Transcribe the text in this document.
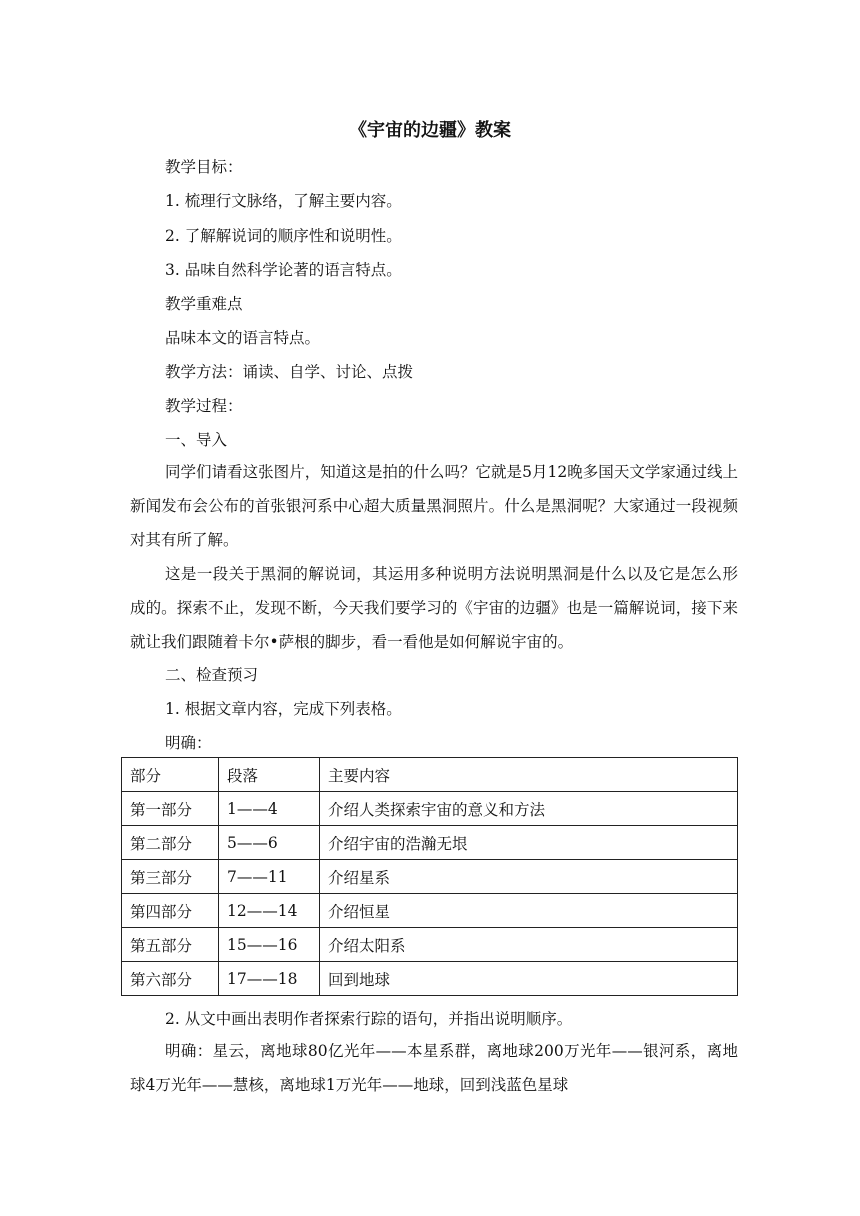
《宇宙的边疆》教案
教学目标：
1. 梳理行文脉络，了解主要内容。
2. 了解解说词的顺序性和说明性。
3. 品味自然科学论著的语言特点。
教学重难点
品味本文的语言特点。
教学方法：诵读、自学、讨论、点拨
教学过程：
一、导入
同学们请看这张图片，知道这是拍的什么吗？它就是5月12晚多国天文学家通过线上新闻发布会公布的首张银河系中心超大质量黑洞照片。什么是黑洞呢？大家通过一段视频对其有所了解。
这是一段关于黑洞的解说词，其运用多种说明方法说明黑洞是什么以及它是怎么形成的。探索不止，发现不断，今天我们要学习的《宇宙的边疆》也是一篇解说词，接下来就让我们跟随着卡尔•萨根的脚步，看一看他是如何解说宇宙的。
二、检查预习
1. 根据文章内容，完成下列表格。
明确：
部分	段落	主要内容
第一部分	1——4	介绍人类探索宇宙的意义和方法
第二部分	5——6	介绍宇宙的浩瀚无垠
第三部分	7——11	介绍星系
第四部分	12——14	介绍恒星
第五部分	15——16	介绍太阳系
第六部分	17——18	回到地球
2. 从文中画出表明作者探索行踪的语句，并指出说明顺序。
明确：星云，离地球80亿光年——本星系群，离地球200万光年——银河系，离地球4万光年——慧核，离地球1万光年——地球，回到浅蓝色星球
